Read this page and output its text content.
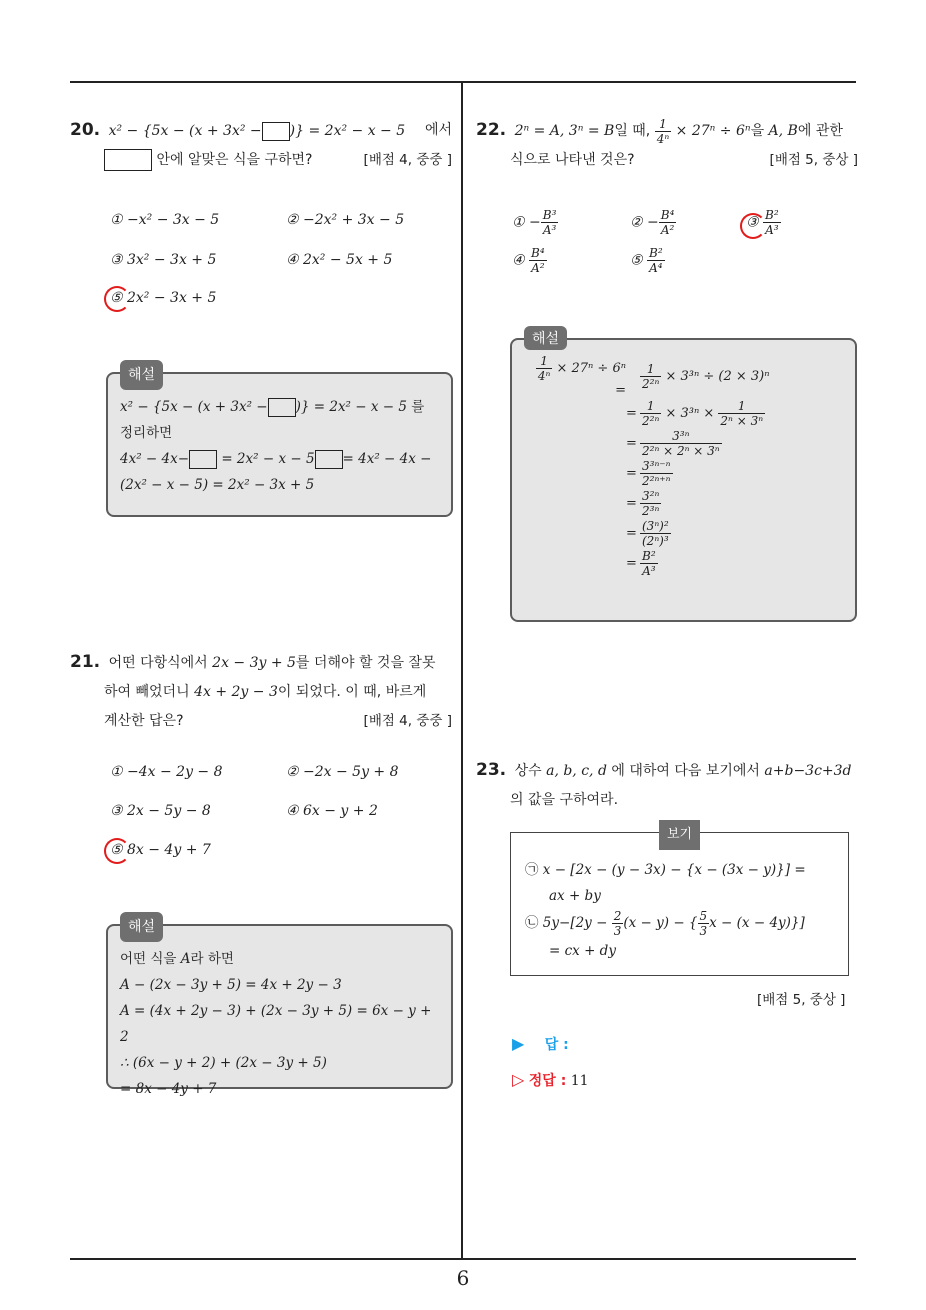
20. x² − {5x − (x + 3x² − )} = 2x² − x − 5 에서
안에 알맞은 식을 구하면?	[배점 4, 중중 ]
① −x² − 3x − 5	② −2x² + 3x − 5
③ 3x² − 3x + 5	④ 2x² − 5x + 5
⑤ 2x² − 3x + 5
해설
x² − {5x − (x + 3x² − )} = 2x² − x − 5 를
정리하면
4x² − 4x− = 2x² − x − 5 = 4x² − 4x −
(2x² − x − 5) = 2x² − 3x + 5
21. 어떤 다항식에서 2x − 3y + 5를 더해야 할 것을 잘못
하여 빼었더니 4x + 2y − 3이 되었다. 이 때, 바르게
계산한 답은?	[배점 4, 중중 ]
① −4x − 2y − 8	② −2x − 5y + 8
③ 2x − 5y − 8	④ 6x − y + 2
⑤ 8x − 4y + 7
해설
어떤 식을 A라 하면
A − (2x − 3y + 5) = 4x + 2y − 3
A = (4x + 2y − 3) + (2x − 3y + 5) = 6x − y + 2
∴ (6x − y + 2) + (2x − 3y + 5)
= 8x − 4y + 7
22. 2ⁿ = A, 3ⁿ = B일 때, $\frac{1}{\text{4ⁿ}} \times 27^n \div 6^n$을 A, B에 관한
식으로 나타낸 것은?	[배점 5, 중상 ]
① − $\frac{\text{B³}}{\text{A³}}$	② − $\frac{\text{B⁴}}{\text{A²}}$	③ $\frac{\text{B²}}{\text{A³}}$
④ $\frac{\text{B⁴}}{\text{A²}}$	⑤ $\frac{\text{B²}}{\text{A⁴}}$
해설
$\frac{1}{\text{4ⁿ}} \times 27^n \div 6^n = \frac{1}{\text{2²ⁿ}} \times 3^{3n} \div (2 \times 3)^n$
= $\frac{1}{\text{2²ⁿ}} \times 3^{3n} \times \frac{1}{\text{2ⁿ × 3ⁿ}}$
= $\frac{\text{3³ⁿ}}{\text{2²ⁿ × 2ⁿ × 3ⁿ}}$
= $\frac{\text{3³ⁿ⁻ⁿ}}{\text{2²ⁿ⁺ⁿ}}$
= $\frac{\text{3²ⁿ}}{\text{2³ⁿ}}$
= $\frac{\text{(3ⁿ)²}}{\text{(2ⁿ)³}}$
= $\frac{\text{B²}}{\text{A³}}$
23. 상수 a, b, c, d 에 대하여 다음 보기에서 a+b−3c+3d
의 값을 구하여라.
보기
㉠ x − [2x − (y − 3x) − {x − (3x − y)}] =
ax + by
㉡ $5y-[2y - \frac{2}{3} (x - y)$ − { $\frac{5}{3}$ x − (x − 4y)}]
= cx + dy
[배점 5, 중상 ]
▶ 답 :
▷ 정답 : 11
6
